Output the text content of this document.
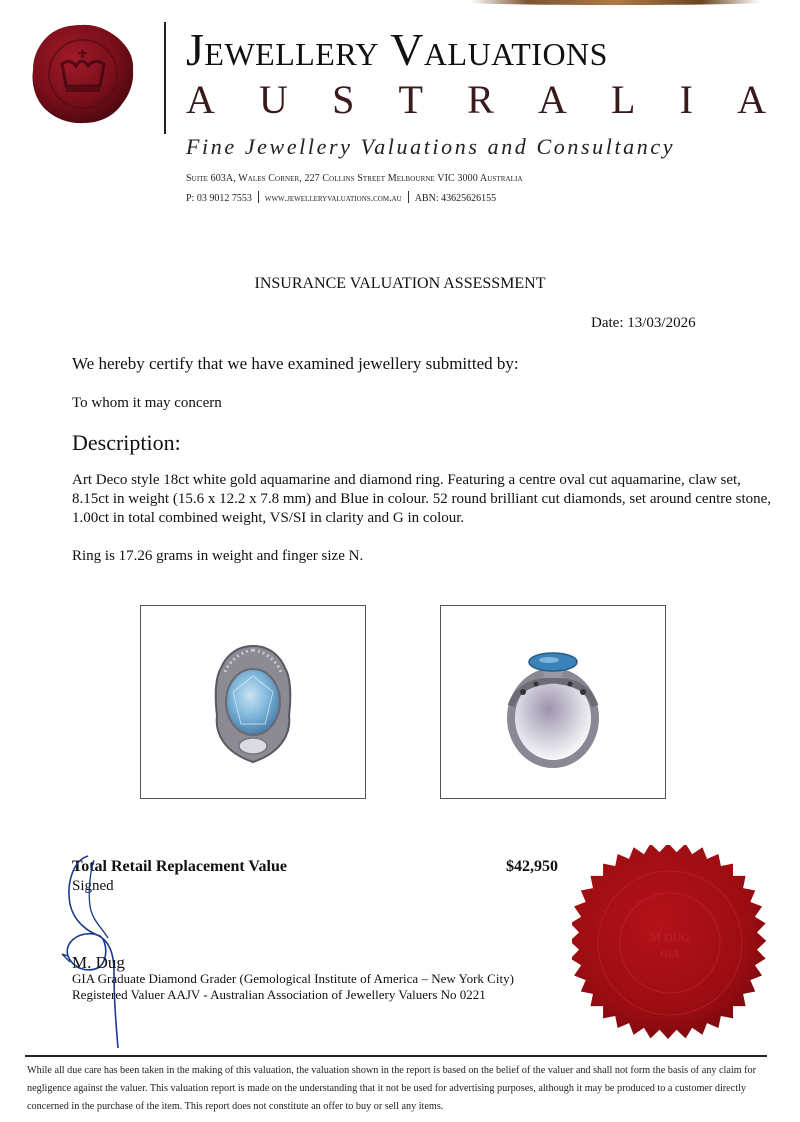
Jewellery Valuations
A U S T R A L I A
Fine Jewellery Valuations and Consultancy
Suite 603A, Wales Corner, 227 Collins Street Melbourne VIC 3000 Australia
P: 03 9012 7553 www.jewelleryvaluations.com.au ABN: 43625626155
INSURANCE VALUATION ASSESSMENT
Date: 13/03/2026
We hereby certify that we have examined jewellery submitted by:
To whom it may concern
Description:
Art Deco style 18ct white gold aquamarine and diamond ring. Featuring a centre oval cut aquamarine, claw set, 8.15ct in weight (15.6 x 12.2 x 7.8 mm) and Blue in colour. 52 round brilliant cut diamonds, set around centre stone, 1.00ct in total combined weight, VS/SI in clarity and G in colour.
Ring is 17.26 grams in weight and finger size N.
Total Retail Replacement Value	$42,950
Signed
M. Dug
GIA Graduate Diamond Grader (Gemological Institute of America – New York City)
Registered Valuer AAJV - Australian Association of Jewellery Valuers No 0221
M DUG
GIA
While all due care has been taken in the making of this valuation, the valuation shown in the report is based on the belief of the valuer and shall not form the basis of any claim for negligence against the valuer. This valuation report is made on the understanding that it not be used for advertising purposes, although it may be produced to a customer directly concerned in the purchase of the item. This report does not constitute an offer to buy or sell any items.
